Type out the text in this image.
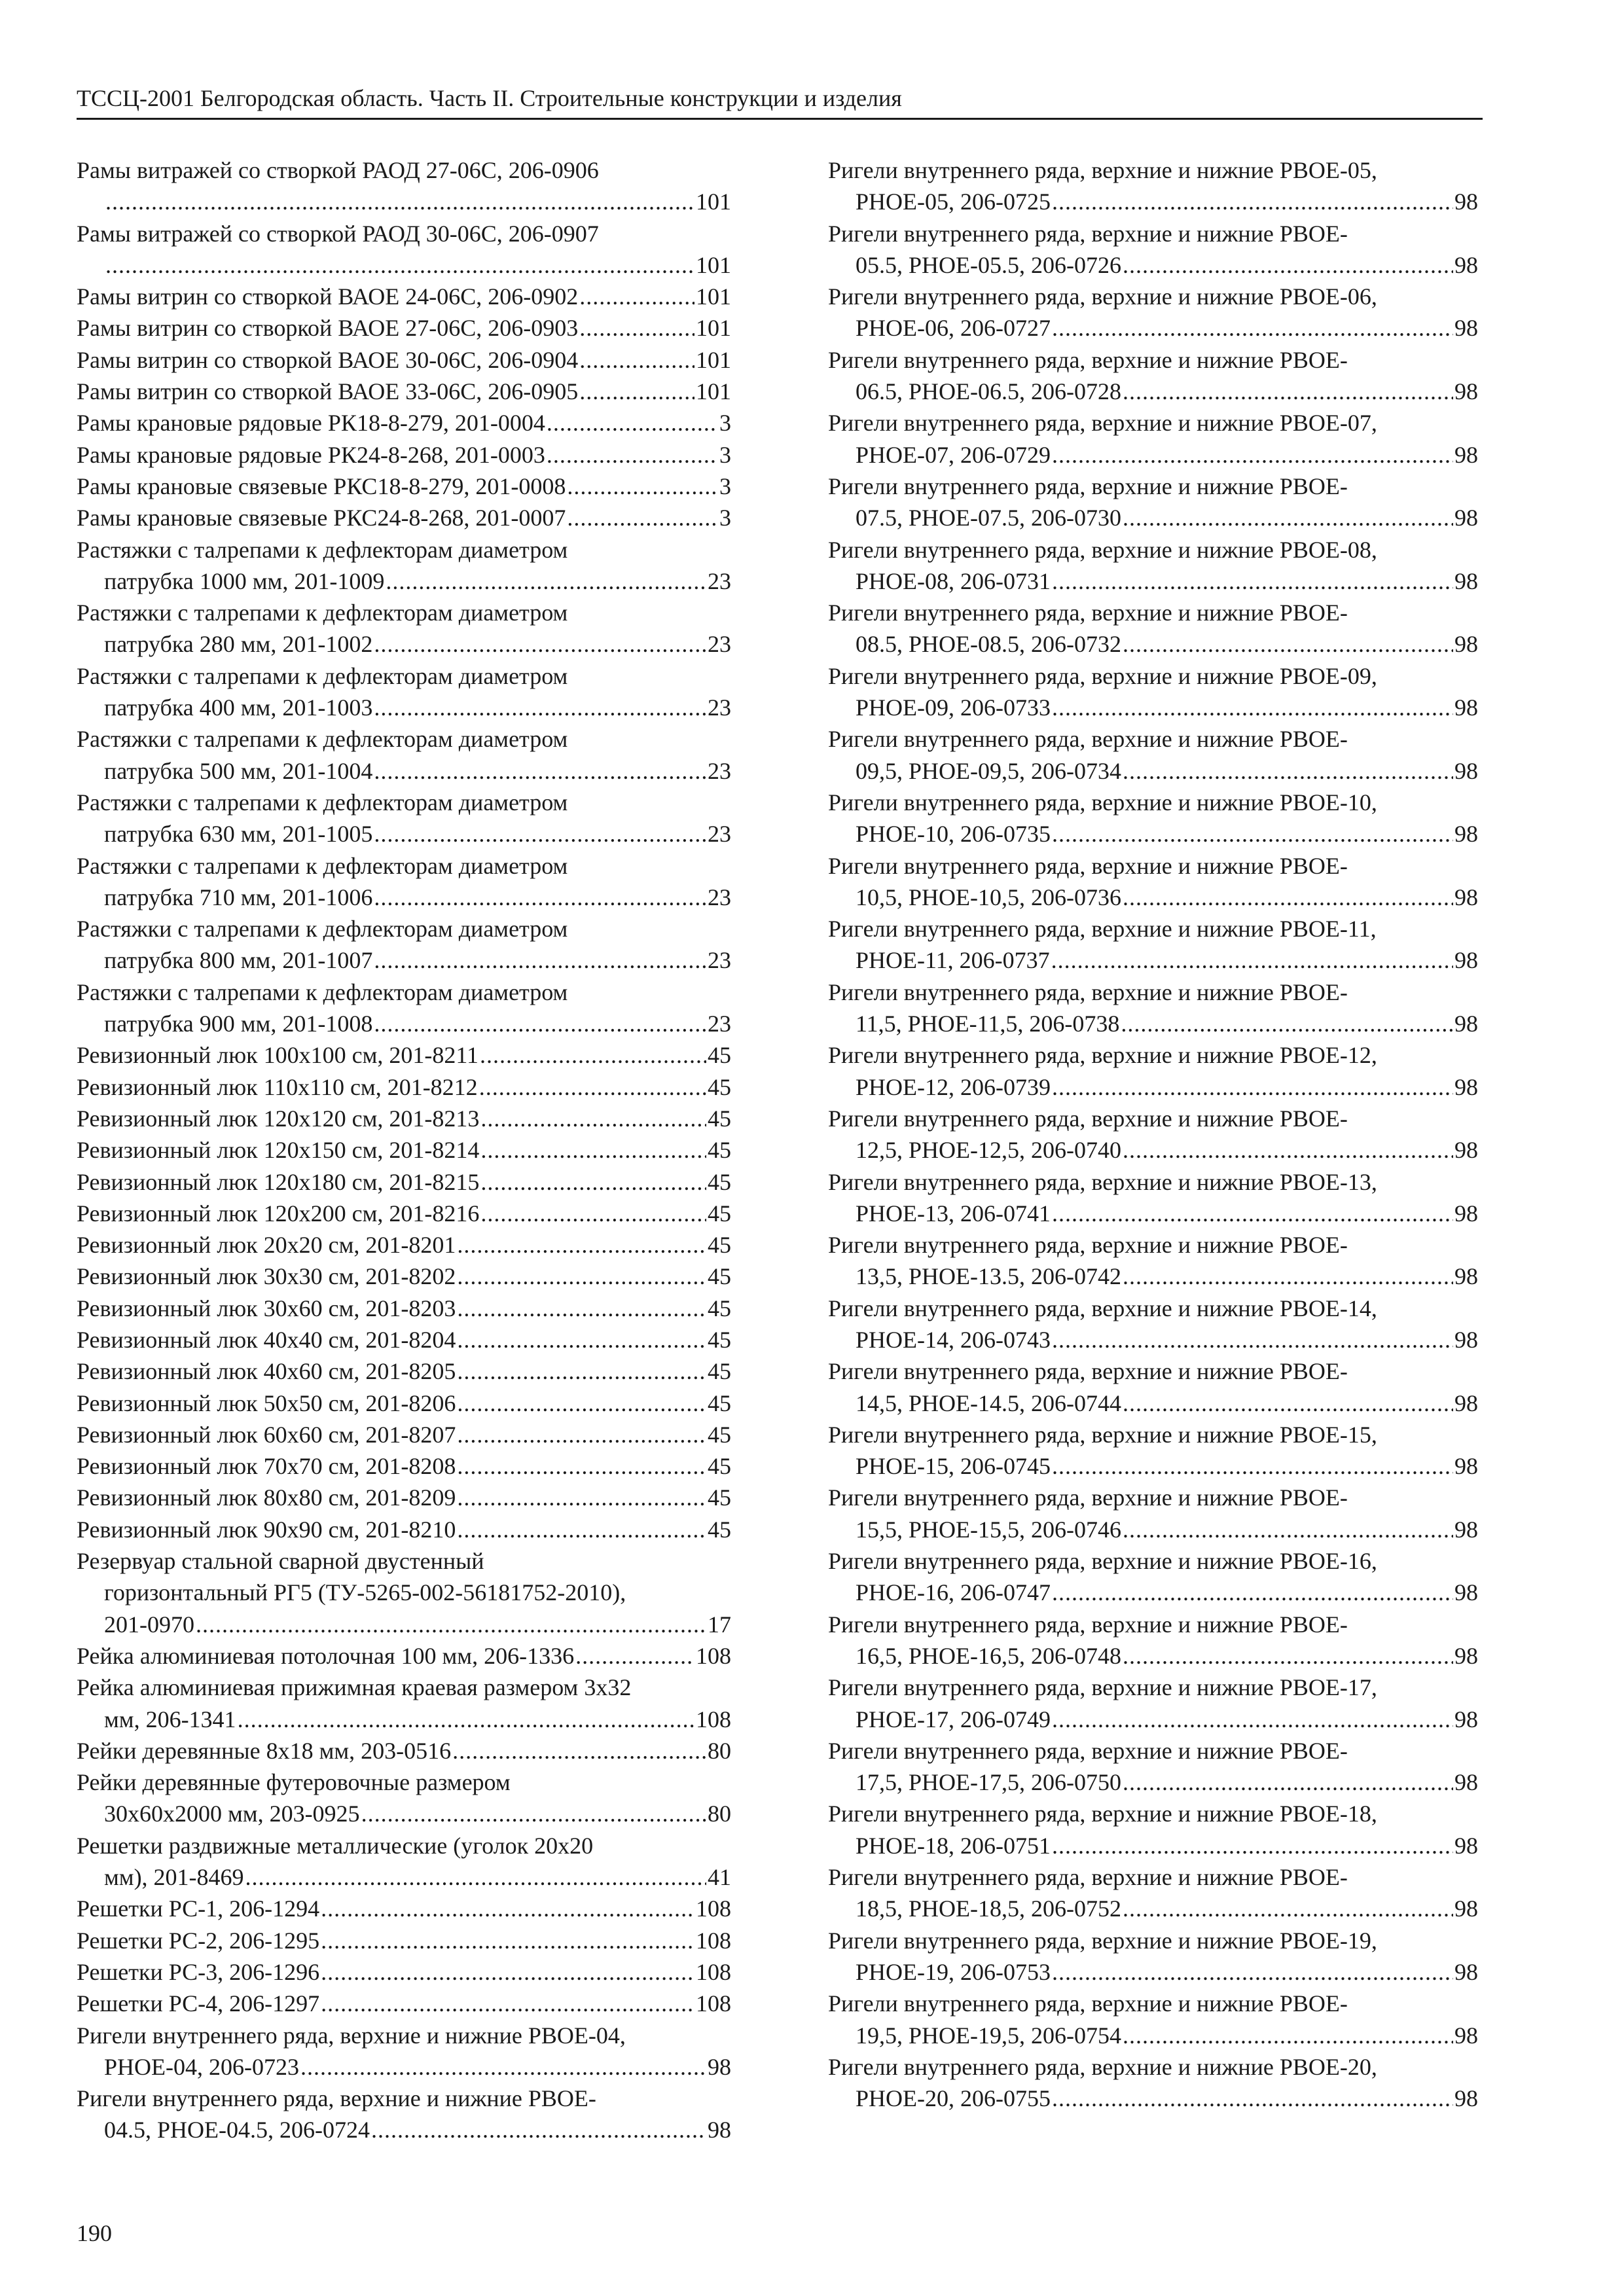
ТССЦ-2001 Белгородская область. Часть II. Строительные конструкции и изделия
Рамы витражей со створкой РАОД 27-06С, 206-0906
.....
101
Рамы витражей со створкой РАОД 30-06С, 206-0907
.....
101
Рамы витрин со створкой ВАОЕ 24-06С, 206-0902 .....	101
Рамы витрин со створкой ВАОЕ 27-06С, 206-0903 .....	101
Рамы витрин со створкой ВАОЕ 30-06С, 206-0904 .....	101
Рамы витрин со створкой ВАОЕ 33-06С, 206-0905 .....	101
Рамы крановые рядовые РК18-8-279, 201-0004 .....	3
Рамы крановые рядовые РК24-8-268, 201-0003 .....	3
Рамы крановые связевые РКС18-8-279, 201-0008 .....	3
Рамы крановые связевые РКС24-8-268, 201-0007 .....	3
Растяжки с талрепами к дефлекторам диаметром
патрубка 1000 мм, 201-1009 .....	23
Растяжки с талрепами к дефлекторам диаметром
патрубка 280 мм, 201-1002 .....	23
Растяжки с талрепами к дефлекторам диаметром
патрубка 400 мм, 201-1003 .....	23
Растяжки с талрепами к дефлекторам диаметром
патрубка 500 мм, 201-1004 .....	23
Растяжки с талрепами к дефлекторам диаметром
патрубка 630 мм, 201-1005 .....	23
Растяжки с талрепами к дефлекторам диаметром
патрубка 710 мм, 201-1006 .....	23
Растяжки с талрепами к дефлекторам диаметром
патрубка 800 мм, 201-1007 .....	23
Растяжки с талрепами к дефлекторам диаметром
патрубка 900 мм, 201-1008 .....	23
Ревизионный люк 100х100 см, 201-8211 .....	45
Ревизионный люк 110х110 см, 201-8212 .....	45
Ревизионный люк 120х120 см, 201-8213 .....	45
Ревизионный люк 120х150 см, 201-8214 .....	45
Ревизионный люк 120х180 см, 201-8215 .....	45
Ревизионный люк 120х200 см, 201-8216 .....	45
Ревизионный люк 20х20 см, 201-8201 .....	45
Ревизионный люк 30х30 см, 201-8202 .....	45
Ревизионный люк 30х60 см, 201-8203 .....	45
Ревизионный люк 40х40 см, 201-8204 .....	45
Ревизионный люк 40х60 см, 201-8205 .....	45
Ревизионный люк 50х50 см, 201-8206 .....	45
Ревизионный люк 60х60 см, 201-8207 .....	45
Ревизионный люк 70х70 см, 201-8208 .....	45
Ревизионный люк 80х80 см, 201-8209 .....	45
Ревизионный люк 90х90 см, 201-8210 .....	45
Резервуар стальной сварной двустенный
горизонтальный РГ5 (ТУ-5265-002-56181752-2010),
201-0970 .....	17
Рейка алюминиевая потолочная 100 мм, 206-1336 .....	108
Рейка алюминиевая прижимная краевая размером 3х32
мм, 206-1341 .....	108
Рейки деревянные 8х18 мм, 203-0516 .....	80
Рейки деревянные футеровочные размером
30х60х2000 мм, 203-0925 .....	80
Решетки раздвижные металлические (уголок 20х20
мм), 201-8469 .....	41
Решетки РС-1, 206-1294 .....	108
Решетки РС-2, 206-1295 .....	108
Решетки РС-3, 206-1296 .....	108
Решетки РС-4, 206-1297 .....	108
Ригели внутреннего ряда, верхние и нижние РВОЕ-04,
РНОЕ-04, 206-0723 .....	98
Ригели внутреннего ряда, верхние и нижние РВОЕ-
04.5, РНОЕ-04.5, 206-0724 .....	98
Ригели внутреннего ряда, верхние и нижние РВОЕ-05,
РНОЕ-05, 206-0725 .....	98
Ригели внутреннего ряда, верхние и нижние РВОЕ-
05.5, РНОЕ-05.5, 206-0726 .....	98
Ригели внутреннего ряда, верхние и нижние РВОЕ-06,
РНОЕ-06, 206-0727 .....	98
Ригели внутреннего ряда, верхние и нижние РВОЕ-
06.5, РНОЕ-06.5, 206-0728 .....	98
Ригели внутреннего ряда, верхние и нижние РВОЕ-07,
РНОЕ-07, 206-0729 .....	98
Ригели внутреннего ряда, верхние и нижние РВОЕ-
07.5, РНОЕ-07.5, 206-0730 .....	98
Ригели внутреннего ряда, верхние и нижние РВОЕ-08,
РНОЕ-08, 206-0731 .....	98
Ригели внутреннего ряда, верхние и нижние РВОЕ-
08.5, РНОЕ-08.5, 206-0732 .....	98
Ригели внутреннего ряда, верхние и нижние РВОЕ-09,
РНОЕ-09, 206-0733 .....	98
Ригели внутреннего ряда, верхние и нижние РВОЕ-
09,5, РНОЕ-09,5, 206-0734 .....	98
Ригели внутреннего ряда, верхние и нижние РВОЕ-10,
РНОЕ-10, 206-0735 .....	98
Ригели внутреннего ряда, верхние и нижние РВОЕ-
10,5, РНОЕ-10,5, 206-0736 .....	98
Ригели внутреннего ряда, верхние и нижние РВОЕ-11,
РНОЕ-11, 206-0737 .....	98
Ригели внутреннего ряда, верхние и нижние РВОЕ-
11,5, РНОЕ-11,5, 206-0738 .....	98
Ригели внутреннего ряда, верхние и нижние РВОЕ-12,
РНОЕ-12, 206-0739 .....	98
Ригели внутреннего ряда, верхние и нижние РВОЕ-
12,5, РНОЕ-12,5, 206-0740 .....	98
Ригели внутреннего ряда, верхние и нижние РВОЕ-13,
РНОЕ-13, 206-0741 .....	98
Ригели внутреннего ряда, верхние и нижние РВОЕ-
13,5, РНОЕ-13.5, 206-0742 .....	98
Ригели внутреннего ряда, верхние и нижние РВОЕ-14,
РНОЕ-14, 206-0743 .....	98
Ригели внутреннего ряда, верхние и нижние РВОЕ-
14,5, РНОЕ-14.5, 206-0744 .....	98
Ригели внутреннего ряда, верхние и нижние РВОЕ-15,
РНОЕ-15, 206-0745 .....	98
Ригели внутреннего ряда, верхние и нижние РВОЕ-
15,5, РНОЕ-15,5, 206-0746 .....	98
Ригели внутреннего ряда, верхние и нижние РВОЕ-16,
РНОЕ-16, 206-0747 .....	98
Ригели внутреннего ряда, верхние и нижние РВОЕ-
16,5, РНОЕ-16,5, 206-0748 .....	98
Ригели внутреннего ряда, верхние и нижние РВОЕ-17,
РНОЕ-17, 206-0749 .....	98
Ригели внутреннего ряда, верхние и нижние РВОЕ-
17,5, РНОЕ-17,5, 206-0750 .....	98
Ригели внутреннего ряда, верхние и нижние РВОЕ-18,
РНОЕ-18, 206-0751 .....	98
Ригели внутреннего ряда, верхние и нижние РВОЕ-
18,5, РНОЕ-18,5, 206-0752 .....	98
Ригели внутреннего ряда, верхние и нижние РВОЕ-19,
РНОЕ-19, 206-0753 .....	98
Ригели внутреннего ряда, верхние и нижние РВОЕ-
19,5, РНОЕ-19,5, 206-0754 .....	98
Ригели внутреннего ряда, верхние и нижние РВОЕ-20,
РНОЕ-20, 206-0755 .....	98
190
